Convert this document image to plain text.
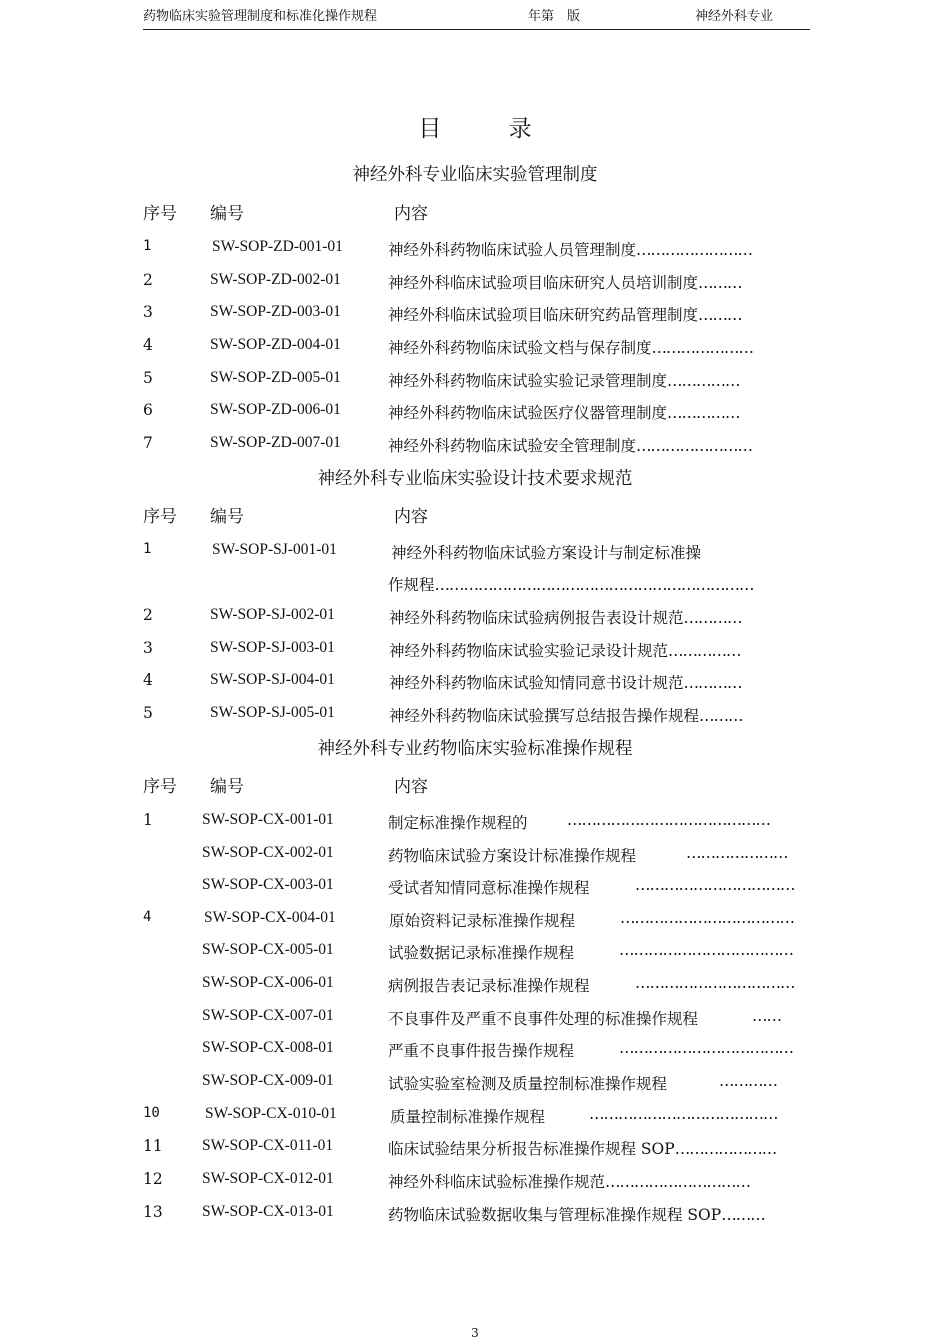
药物临床实验管理制度和标准化操作规程	年第　版	神经外科专业
目 录
神经外科专业临床实验管理制度
序号 编号	内容
1	SW-SOP-ZD-001-01	神经外科药物临床试验人员管理制度……………………
2	SW-SOP-ZD-002-01	神经外科临床试验项目临床研究人员培训制度………
3	SW-SOP-ZD-003-01	神经外科临床试验项目临床研究药品管理制度………
4	SW-SOP-ZD-004-01	神经外科药物临床试验文档与保存制度…………………
5	SW-SOP-ZD-005-01	神经外科药物临床试验实验记录管理制度……………
6	SW-SOP-ZD-006-01	神经外科药物临床试验医疗仪器管理制度……………
7	SW-SOP-ZD-007-01	神经外科药物临床试验安全管理制度……………………
神经外科专业临床实验设计技术要求规范
序号 编号	内容
1	SW-SOP-SJ-001-01	神经外科药物临床试验方案设计与制定标准操
作规程…………………………………………………………
2	SW-SOP-SJ-002-01	神经外科药物临床试验病例报告表设计规范…………
3	SW-SOP-SJ-003-01	神经外科药物临床试验实验记录设计规范……………
4	SW-SOP-SJ-004-01	神经外科药物临床试验知情同意书设计规范…………
5	SW-SOP-SJ-005-01	神经外科药物临床试验撰写总结报告操作规程………
神经外科专业药物临床实验标准操作规程
序号 编号	内容
1	SW-SOP-CX-001-01	制定标准操作规程的	……………………………………
SW-SOP-CX-002-01	药物临床试验方案设计标准操作规程	…………………
SW-SOP-CX-003-01	受试者知情同意标准操作规程	……………………………
4	SW-SOP-CX-004-01	原始资料记录标准操作规程	………………………………
SW-SOP-CX-005-01	试验数据记录标准操作规程	………………………………
SW-SOP-CX-006-01	病例报告表记录标准操作规程	……………………………
SW-SOP-CX-007-01	不良事件及严重不良事件处理的标准操作规程	……
SW-SOP-CX-008-01	严重不良事件报告操作规程	………………………………
SW-SOP-CX-009-01	试验实验室检测及质量控制标准操作规程	…………
10	SW-SOP-CX-010-01	质量控制标准操作规程	…………………………………
11	SW-SOP-CX-011-01	临床试验结果分析报告标准操作规程 SOP…………………
12	SW-SOP-CX-012-01	神经外科临床试验标准操作规范…………………………
13	SW-SOP-CX-013-01	药物临床试验数据收集与管理标准操作规程 SOP………
3
